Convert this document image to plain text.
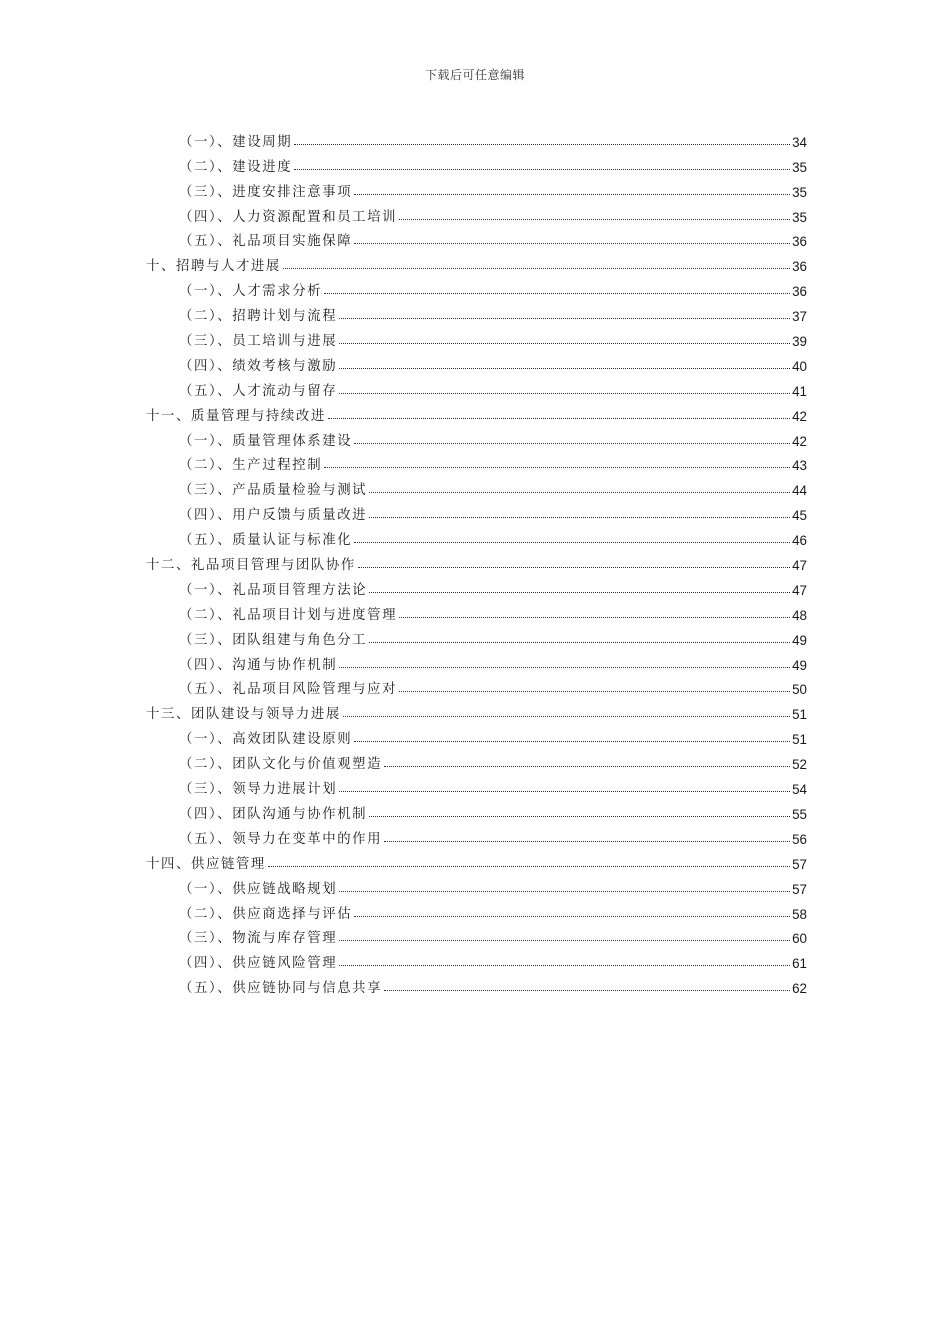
下载后可任意编辑
（一）、建设周期	34
（二）、建设进度	35
（三）、进度安排注意事项	35
（四）、人力资源配置和员工培训	35
（五）、礼品项目实施保障	36
十、招聘与人才进展	36
（一）、人才需求分析	36
（二）、招聘计划与流程	37
（三）、员工培训与进展	39
（四）、绩效考核与激励	40
（五）、人才流动与留存	41
十一、质量管理与持续改进	42
（一）、质量管理体系建设	42
（二）、生产过程控制	43
（三）、产品质量检验与测试	44
（四）、用户反馈与质量改进	45
（五）、质量认证与标准化	46
十二、礼品项目管理与团队协作	47
（一）、礼品项目管理方法论	47
（二）、礼品项目计划与进度管理	48
（三）、团队组建与角色分工	49
（四）、沟通与协作机制	49
（五）、礼品项目风险管理与应对	50
十三、团队建设与领导力进展	51
（一）、高效团队建设原则	51
（二）、团队文化与价值观塑造	52
（三）、领导力进展计划	54
（四）、团队沟通与协作机制	55
（五）、领导力在变革中的作用	56
十四、供应链管理	57
（一）、供应链战略规划	57
（二）、供应商选择与评估	58
（三）、物流与库存管理	60
（四）、供应链风险管理	61
（五）、供应链协同与信息共享	62
